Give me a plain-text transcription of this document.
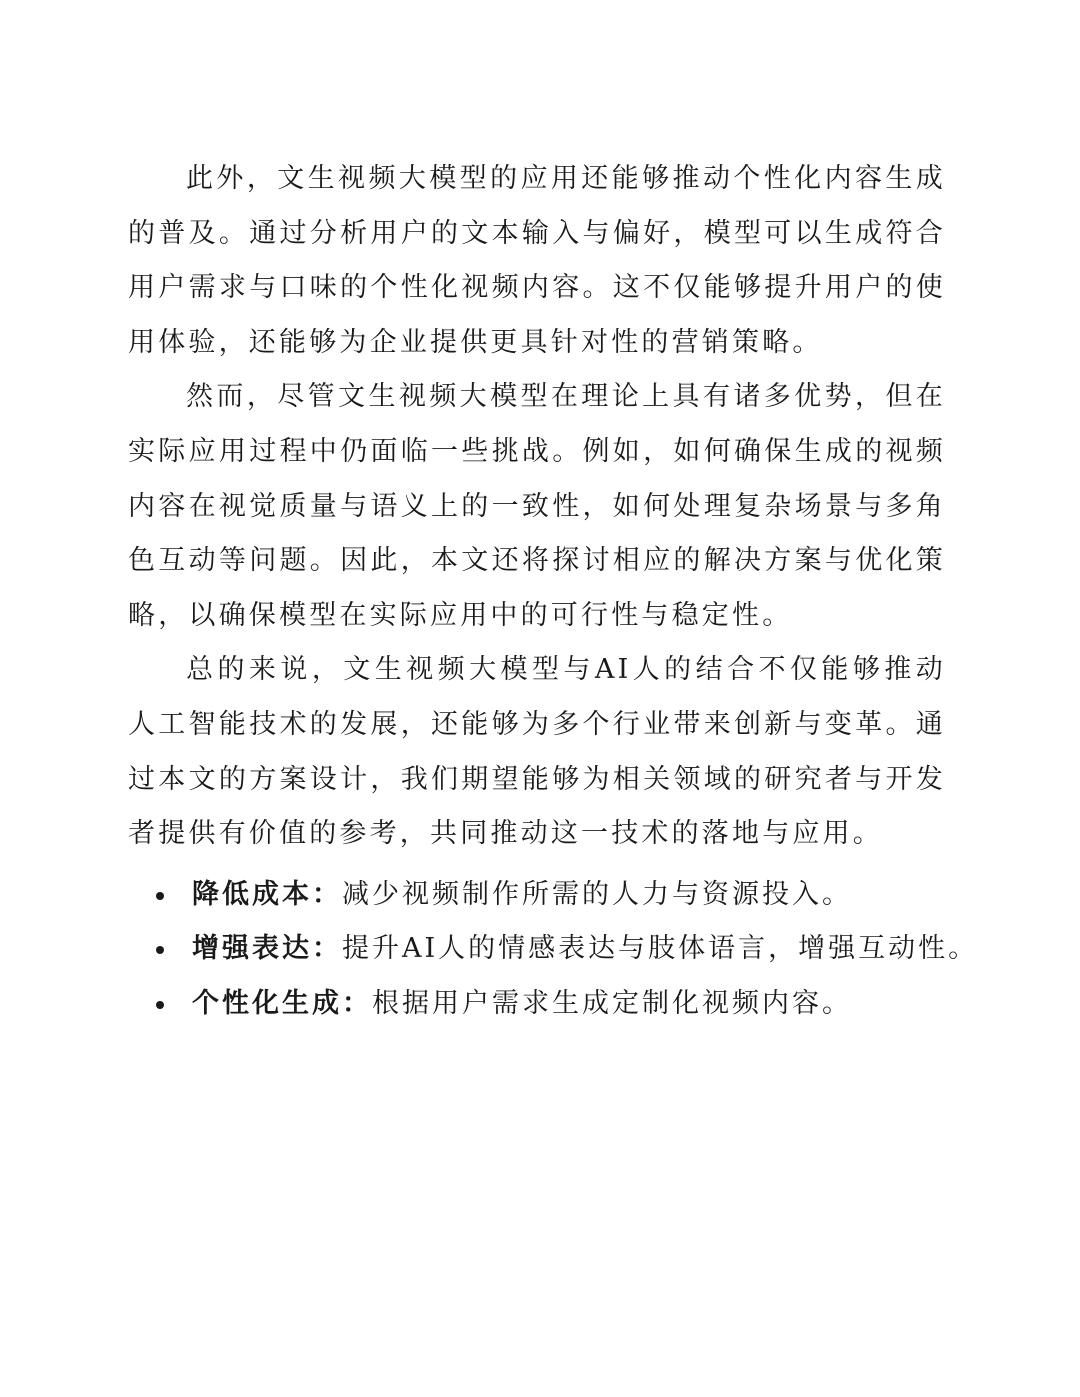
此外，文生视频大模型的应用还能够推动个性化内容生成的普及。通过分析用户的文本输入与偏好，模型可以生成符合用户需求与口味的个性化视频内容。这不仅能够提升用户的使用体验，还能够为企业提供更具针对性的营销策略。

然而，尽管文生视频大模型在理论上具有诸多优势，但在实际应用过程中仍面临一些挑战。例如，如何确保生成的视频内容在视觉质量与语义上的一致性，如何处理复杂场景与多角色互动等问题。因此，本文还将探讨相应的解决方案与优化策略，以确保模型在实际应用中的可行性与稳定性。

总的来说，文生视频大模型与AI人的结合不仅能够推动人工智能技术的发展，还能够为多个行业带来创新与变革。通过本文的方案设计，我们期望能够为相关领域的研究者与开发者提供有价值的参考，共同推动这一技术的落地与应用。

降低成本：减少视频制作所需的人力与资源投入。
增强表达：提升AI人的情感表达与肢体语言，增强互动性。
个性化生成：根据用户需求生成定制化视频内容。
